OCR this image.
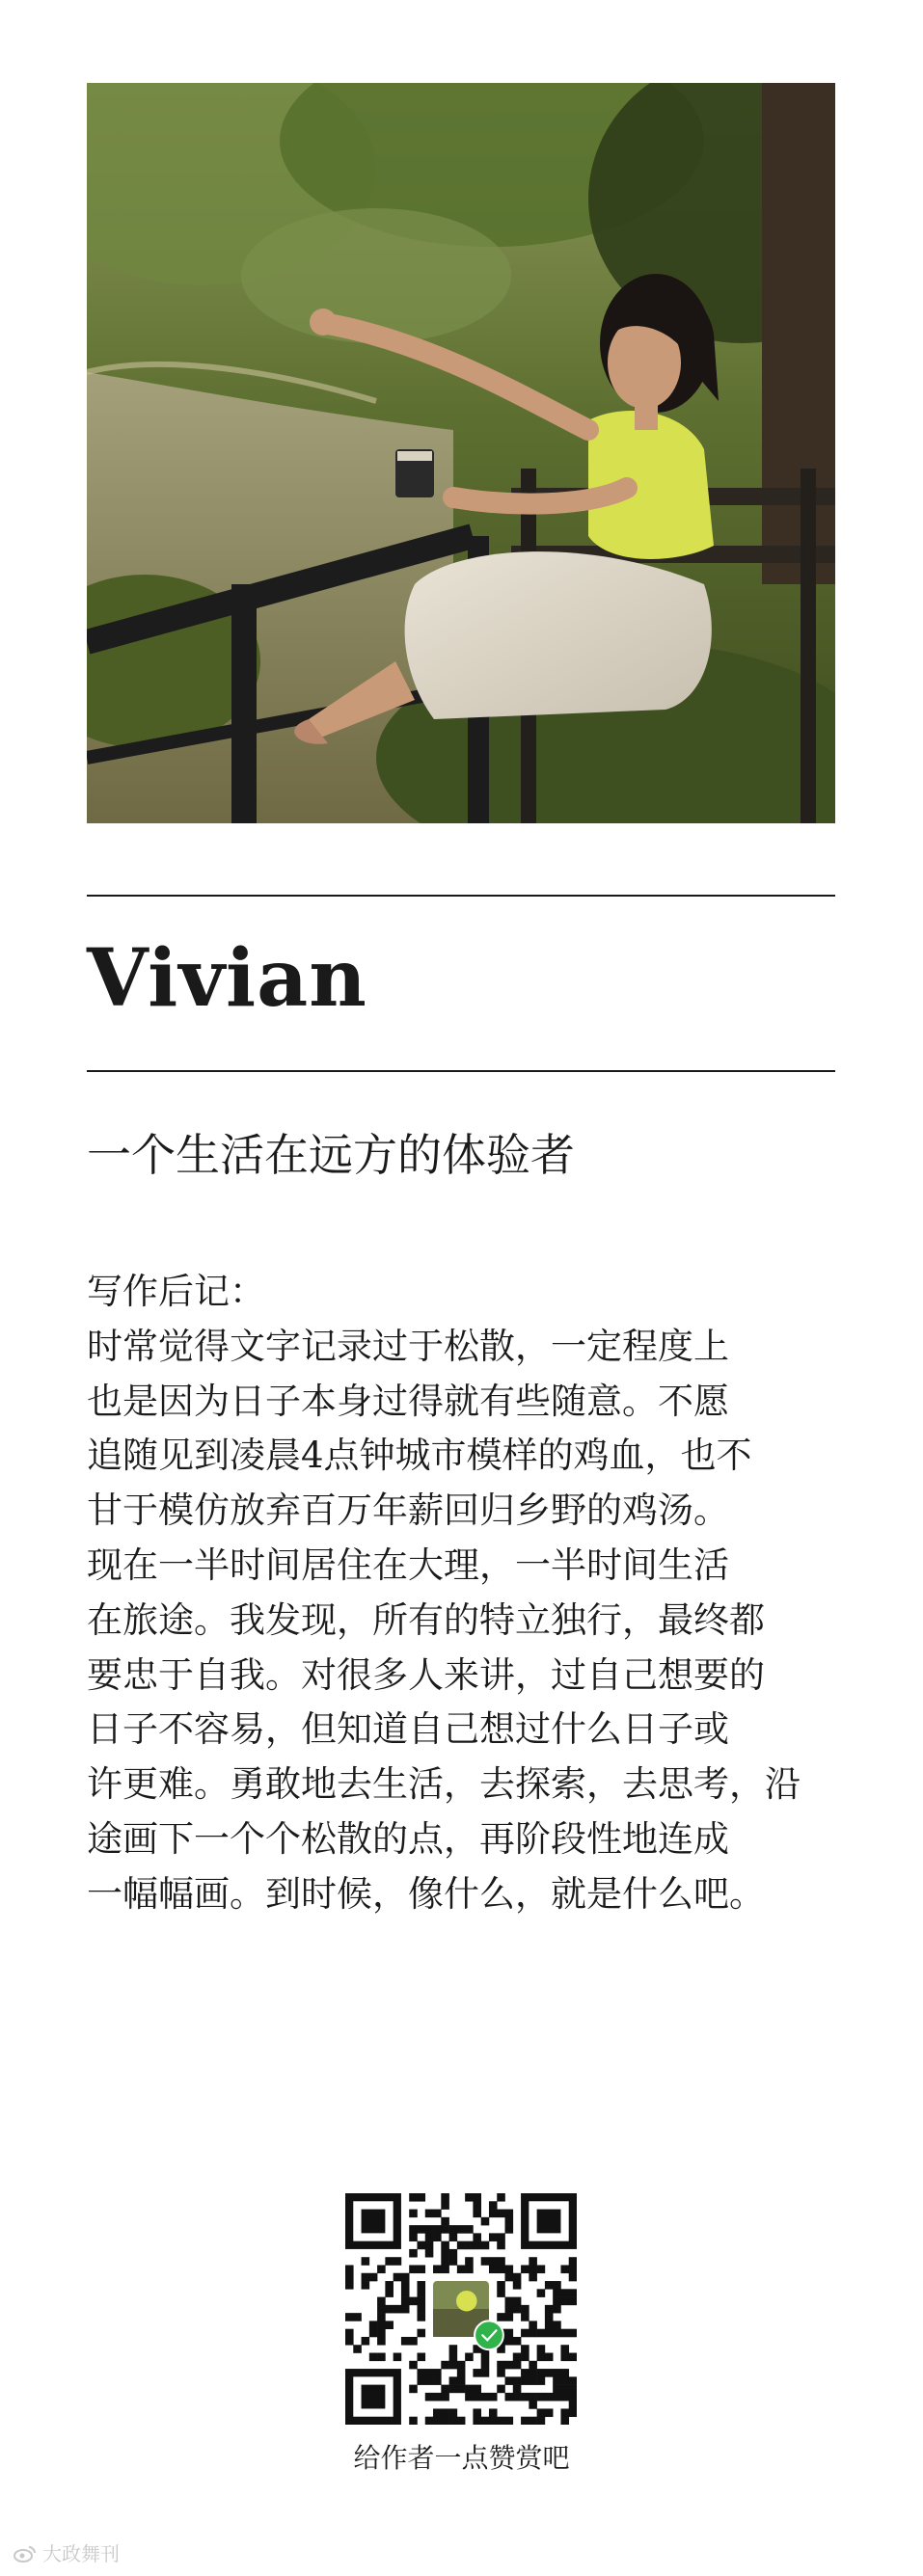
Vivian
一个生活在远方的体验者
写作后记：
时常觉得文字记录过于松散，一定程度上
也是因为日子本身过得就有些随意。不愿
追随见到凌晨4点钟城市模样的鸡血，也不
甘于模仿放弃百万年薪回归乡野的鸡汤。
现在一半时间居住在大理，一半时间生活
在旅途。我发现，所有的特立独行，最终都
要忠于自我。对很多人来讲，过自己想要的
日子不容易，但知道自己想过什么日子或
许更难。勇敢地去生活，去探索，去思考，沿
途画下一个个松散的点，再阶段性地连成
一幅幅画。到时候，像什么，就是什么吧。
给作者一点赞赏吧
大政舞刊
